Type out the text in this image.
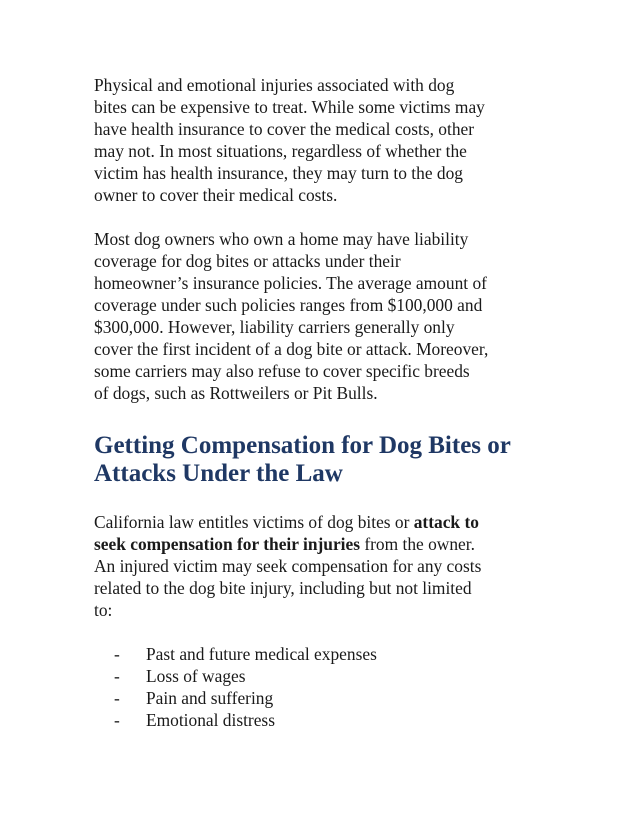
Physical and emotional injuries associated with dog
bites can be expensive to treat. While some victims may
have health insurance to cover the medical costs, other
may not. In most situations, regardless of whether the
victim has health insurance, they may turn to the dog
owner to cover their medical costs.

Most dog owners who own a home may have liability
coverage for dog bites or attacks under their
homeowner’s insurance policies. The average amount of
coverage under such policies ranges from $100,000 and
$300,000. However, liability carriers generally only
cover the first incident of a dog bite or attack. Moreover,
some carriers may also refuse to cover specific breeds
of dogs, such as Rottweilers or Pit Bulls.

Getting Compensation for Dog Bites or
Attacks Under the Law

California law entitles victims of dog bites or attack to
seek compensation for their injuries from the owner.
An injured victim may seek compensation for any costs
related to the dog bite injury, including but not limited
to:

- Past and future medical expenses
- Loss of wages
- Pain and suffering
- Emotional distress
